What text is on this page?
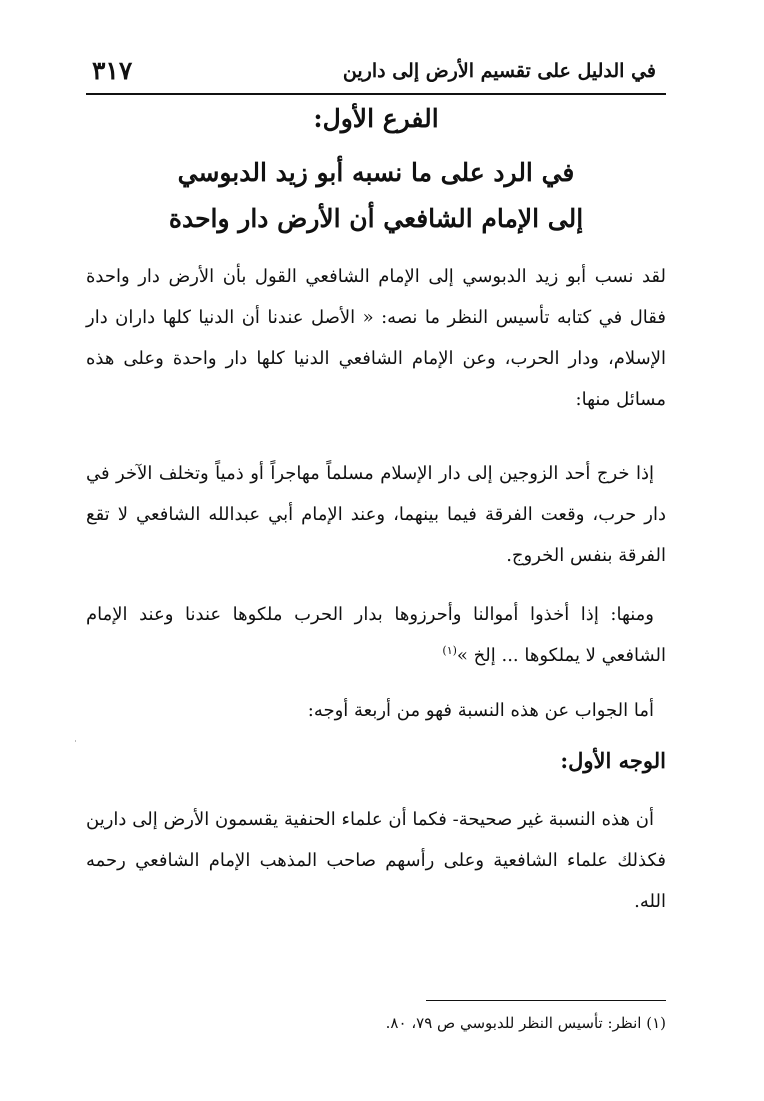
في الدليل على تقسيم الأرض إلى دارين
٣١٧
الفرع الأول:
في الرد على ما نسبه أبو زيد الدبوسي
إلى الإمام الشافعي أن الأرض دار واحدة

لقد نسب أبو زيد الدبوسي إلى الإمام الشافعي القول بأن الأرض دار واحدة فقال في كتابه تأسيس النظر ما نصه: « الأصل عندنا أن الدنيا كلها داران دار الإسلام، ودار الحرب، وعن الإمام الشافعي الدنيا كلها دار واحدة وعلى هذه مسائل منها:

إذا خرج أحد الزوجين إلى دار الإسلام مسلماً مهاجراً أو ذمياً وتخلف الآخر في دار حرب، وقعت الفرقة فيما بينهما، وعند الإمام أبي عبدالله الشافعي لا تقع الفرقة بنفس الخروج.

ومنها: إذا أخذوا أموالنا وأحرزوها بدار الحرب ملكوها عندنا وعند الإمام الشافعي لا يملكوها ... إلخ »$^{(١)}$

أما الجواب عن هذه النسبة فهو من أربعة أوجه:

الوجه الأول:

أن هذه النسبة غير صحيحة- فكما أن علماء الحنفية يقسمون الأرض إلى دارين فكذلك علماء الشافعية وعلى رأسهم صاحب المذهب الإمام الشافعي رحمه الله.

(١) انظر: تأسيس النظر للدبوسي ص ٧٩، ٨٠.
